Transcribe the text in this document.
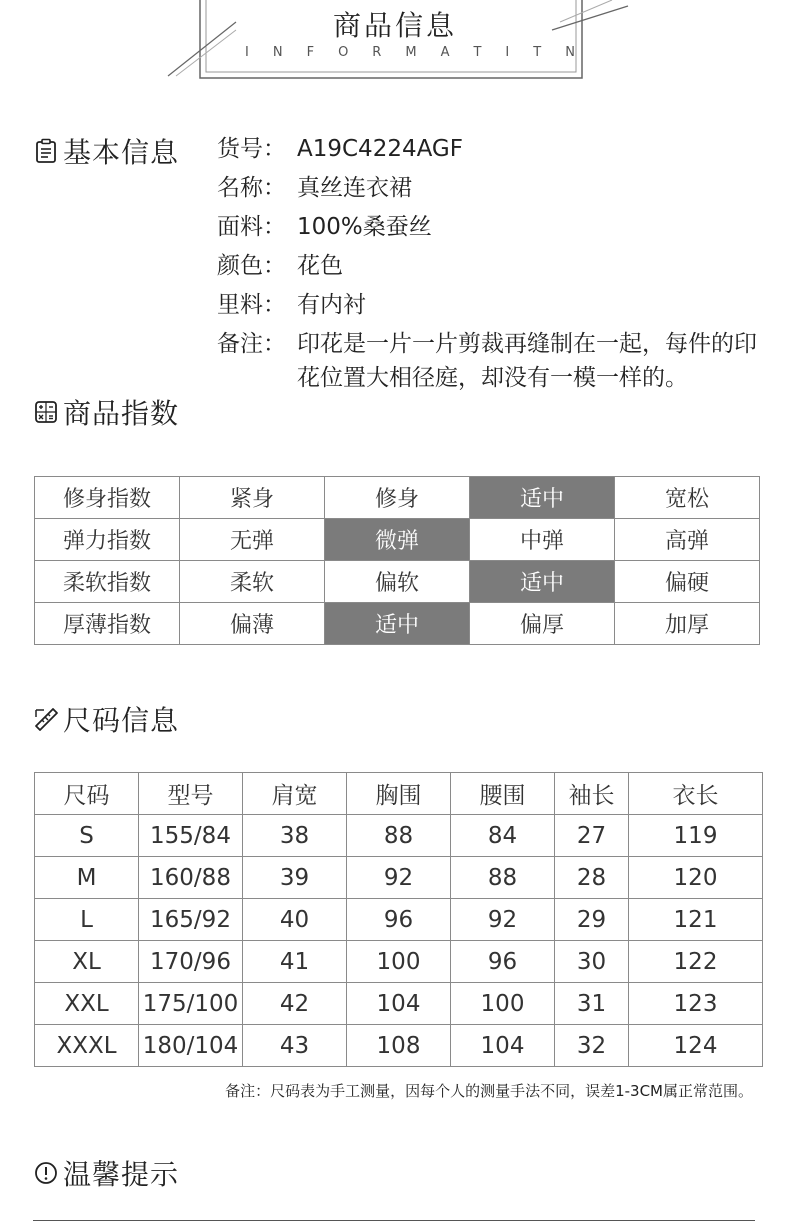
商品信息
I N F O R M A T I T N
基本信息 货号： A19C4224AGF
名称： 真丝连衣裙
面料： 100%桑蚕丝
颜色： 花色
里料： 有内衬
备注： 印花是一片一片剪裁再缝制在一起，每件的印花位置大相径庭，却没有一模一样的。
商品指数
修身指数	紧身	修身	适中	宽松
弹力指数	无弹	微弹	中弹	高弹
柔软指数	柔软	偏软	适中	偏硬
厚薄指数	偏薄	适中	偏厚	加厚
尺码信息
尺码	型号	肩宽	胸围	腰围	袖长	衣长
S	155/84	38	88	84	27	119
M	160/88	39	92	88	28	120
L	165/92	40	96	92	29	121
XL	170/96	41	100	96	30	122
XXL	175/100	42	104	100	31	123
XXXL	180/104	43	108	104	32	124
备注：尺码表为手工测量，因每个人的测量手法不同，误差1-3CM属正常范围。
温馨提示
